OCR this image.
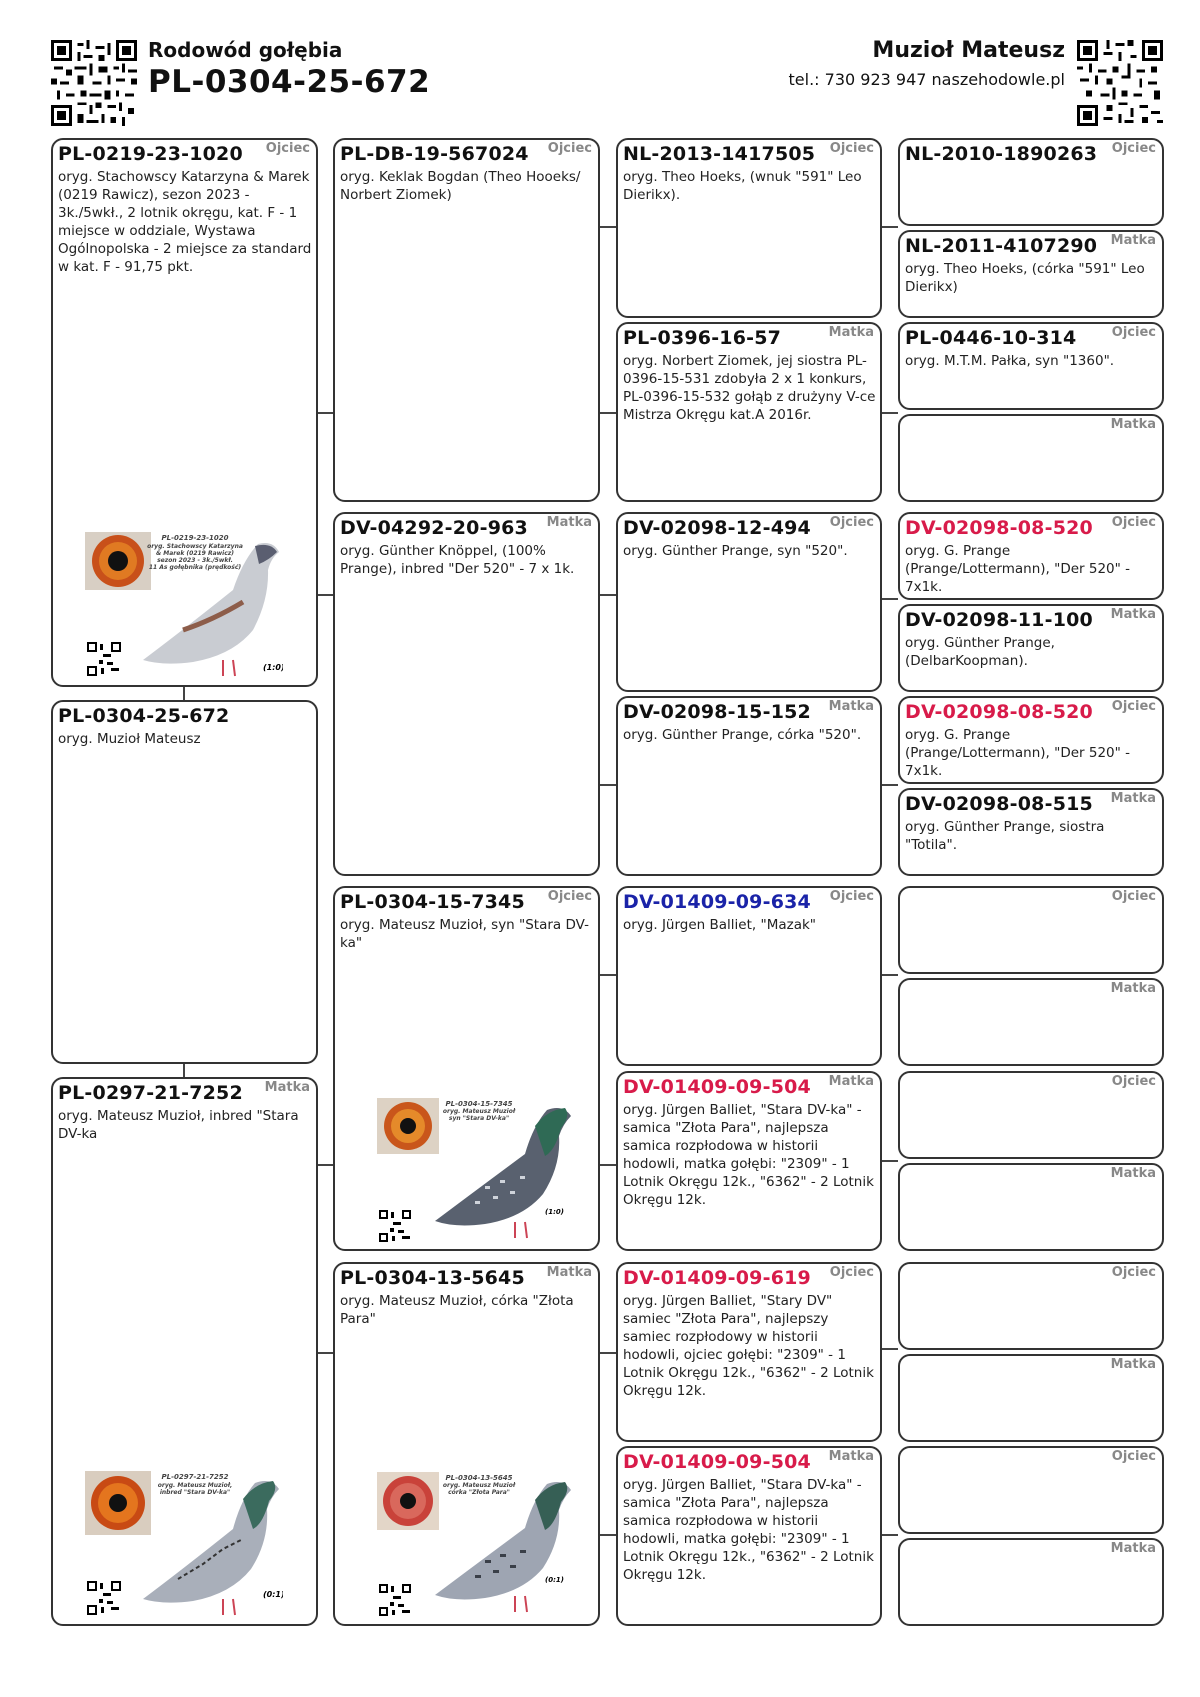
Rodowód gołębia
PL-0304-25-672
Muzioł Mateusz
tel.: 730 923 947 naszehodowle.pl
PL-0219-23-1020 Ojciec
oryg. Stachowscy Katarzyna & Marek (0219 Rawicz), sezon 2023 - 3k./5wkł., 2 lotnik okręgu, kat. F - 1 miejsce w oddziale, Wystawa Ogólnopolska - 2 miejsce za standard w kat. F - 91,75 pkt.
PL-0219-23-1020
oryg. Stachowscy Katarzyna
& Marek (0219 Rawicz)
sezon 2023 - 3k./5wkł.
11 As gołębnika (prędkość)
(1:0)
PL-0304-25-672
oryg. Muzioł Mateusz
PL-0297-21-7252 Matka
oryg. Mateusz Muzioł, inbred "Stara DV-ka
PL-0297-21-7252
oryg. Mateusz Muzioł,
inbred "Stara DV-ka"
(0:1)
PL-DB-19-567024 Ojciec
oryg. Keklak Bogdan (Theo Hooeks/ Norbert Ziomek)
DV-04292-20-963 Matka
oryg. Günther Knöppel, (100% Prange), inbred "Der 520" - 7 x 1k.
PL-0304-15-7345 Ojciec
oryg. Mateusz Muzioł, syn "Stara DV-ka"
PL-0304-15-7345
oryg. Mateusz Muzioł
syn "Stara DV-ka"
(1:0)
PL-0304-13-5645 Matka
oryg. Mateusz Muzioł, córka "Złota Para"
PL-0304-13-5645
oryg. Mateusz Muzioł
córka "Złota Para"
(0:1)
NL-2013-1417505 Ojciec
oryg. Theo Hoeks, (wnuk "591" Leo Dierikx).
PL-0396-16-57	Matka
oryg. Norbert Ziomek, jej siostra PL-0396-15-531 zdobyła 2 x 1 konkurs, PL-0396-15-532 gołąb z drużyny V-ce Mistrza Okręgu kat.A 2016r.
DV-02098-12-494 Ojciec
oryg. Günther Prange, syn "520".
DV-02098-15-152 Matka
oryg. Günther Prange, córka "520".
DV-01409-09-634 Ojciec
oryg. Jürgen Balliet, "Mazak"
DV-01409-09-504 Matka
oryg. Jürgen Balliet, "Stara DV-ka" - samica "Złota Para", najlepsza samica rozpłodowa w historii hodowli, matka gołębi: "2309" - 1 Lotnik Okręgu 12k., "6362" - 2 Lotnik Okręgu 12k.
DV-01409-09-619 Ojciec
oryg. Jürgen Balliet, "Stary DV" samiec "Złota Para", najlepszy samiec rozpłodowy w historii hodowli, ojciec gołębi: "2309" - 1 Lotnik Okręgu 12k., "6362" - 2 Lotnik Okręgu 12k.
DV-01409-09-504 Matka
oryg. Jürgen Balliet, "Stara DV-ka" - samica "Złota Para", najlepsza samica rozpłodowa w historii hodowli, matka gołębi: "2309" - 1 Lotnik Okręgu 12k., "6362" - 2 Lotnik Okręgu 12k.
NL-2010-1890263 Ojciec
NL-2011-4107290 Matka
oryg. Theo Hoeks, (córka "591" Leo Dierikx)
PL-0446-10-314	Ojciec
oryg. M.T.M. Pałka, syn "1360".
Matka
DV-02098-08-520 Ojciec
oryg. G. Prange (Prange/Lottermann), "Der 520" - 7x1k.
DV-02098-11-100 Matka
oryg. Günther Prange, (DelbarKoopman).
DV-02098-08-520 Ojciec
oryg. G. Prange (Prange/Lottermann), "Der 520" - 7x1k.
DV-02098-08-515 Matka
oryg. Günther Prange, siostra "Totila".
Ojciec
Matka
Ojciec
Matka
Ojciec
Matka
Ojciec
Matka
